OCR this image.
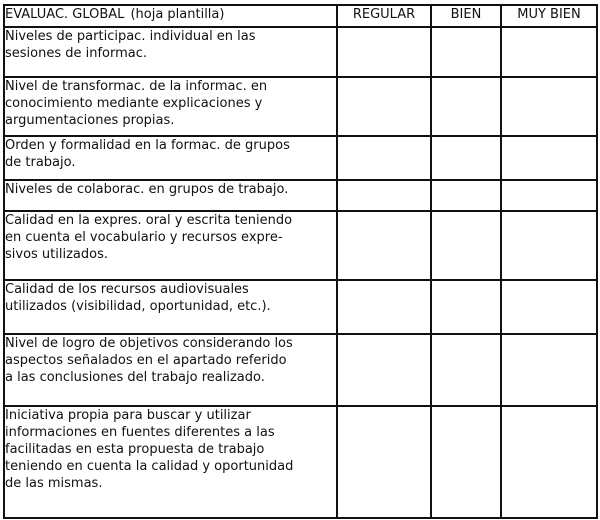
EVALUAC. GLOBAL (hoja plantilla)	REGULAR	BIEN	MUY BIEN

Niveles de participac. individual en las
sesiones de informac.			

Nivel de transformac. de la informac. en
conocimiento mediante explicaciones y
argumentaciones propias.			

Orden y formalidad en la formac. de grupos
de trabajo.			

Niveles de colaborac. en grupos de trabajo.			

Calidad en la expres. oral y escrita teniendo
en cuenta el vocabulario y recursos expre-
sivos utilizados.			

Calidad de los recursos audiovisuales
utilizados (visibilidad, oportunidad, etc.).			

Nivel de logro de objetivos considerando los
aspectos señalados en el apartado referido
a las conclusiones del trabajo realizado.			

Iniciativa propia para buscar y utilizar
informaciones en fuentes diferentes a las
facilitadas en esta propuesta de trabajo
teniendo en cuenta la calidad y oportunidad
de las mismas.			
